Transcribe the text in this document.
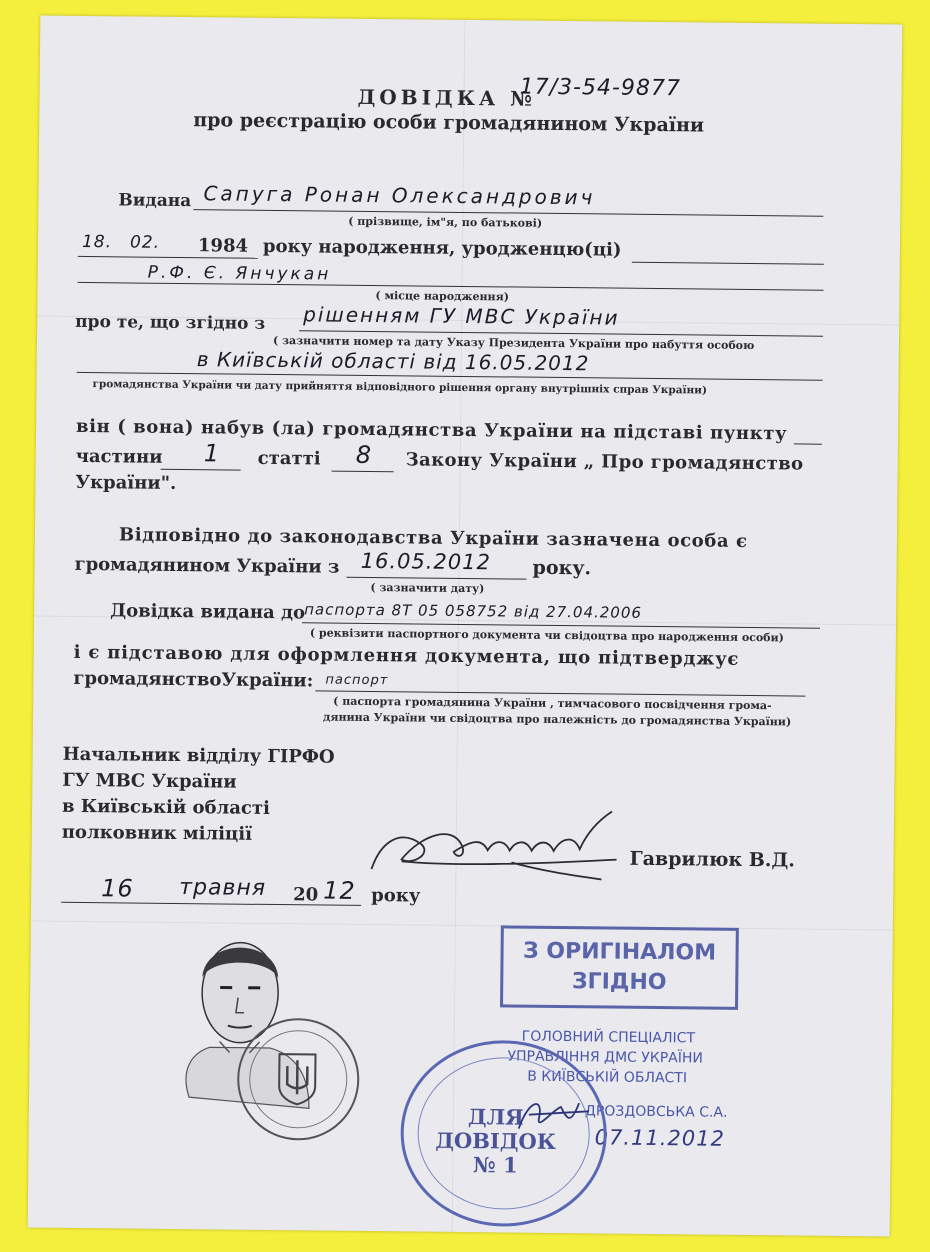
ДОВІДКА №
17/3-54-9877
про реєстрацію особи громадянином України
Видана Сапуга Ронан Олександрович
( прізвище, ім"я, по батькові)
18. 02. 1984 року народження, уродженцю(ці)
Р.Ф. Є. Янчукан
( місце народження)
про те, що згідно з рішенням ГУ МВС України
( зазначити номер та дату Указу Президента України про набуття особою
в Київській області від 16.05.2012
громадянства України чи дату прийняття відповідного рішення органу внутрішніх справ України)
він ( вона) набув (ла) громадянства України на підставі пункту
частини 1 статті 8 Закону України „ Про громадянство
України".
Відповідно до законодавства України зазначена особа є
громадянином України з 16.05.2012 року.
( зазначити дату)
Довідка видана до
паспорта 8Т 05 058752 від 27.04.2006
( реквізити паспортного документа чи свідоцтва про народження особи)
і є підставою для оформлення документа, що підтверджує
громадянствоУкраїни: паспорт
( паспорта громадянина України , тимчасового посвідчення грома-
дянина України чи свідоцтва про належність до громадянства України)
Начальник відділу ГІРФО
ГУ МВС України
в Київській області
полковник міліції
Гаврилюк В.Д.
16 травня 20 12 року
З ОРИГІНАЛОМ
ЗГІДНО
ГОЛОВНИЙ СПЕЦІАЛІСТ
УПРАВЛІННЯ ДМС УКРАЇНИ
В КИЇВСЬКІЙ ОБЛАСТІ
ДРОЗДОВСЬКА С.А.
07.11.2012
ДЛЯ
ДОВІДОК
№ 1
